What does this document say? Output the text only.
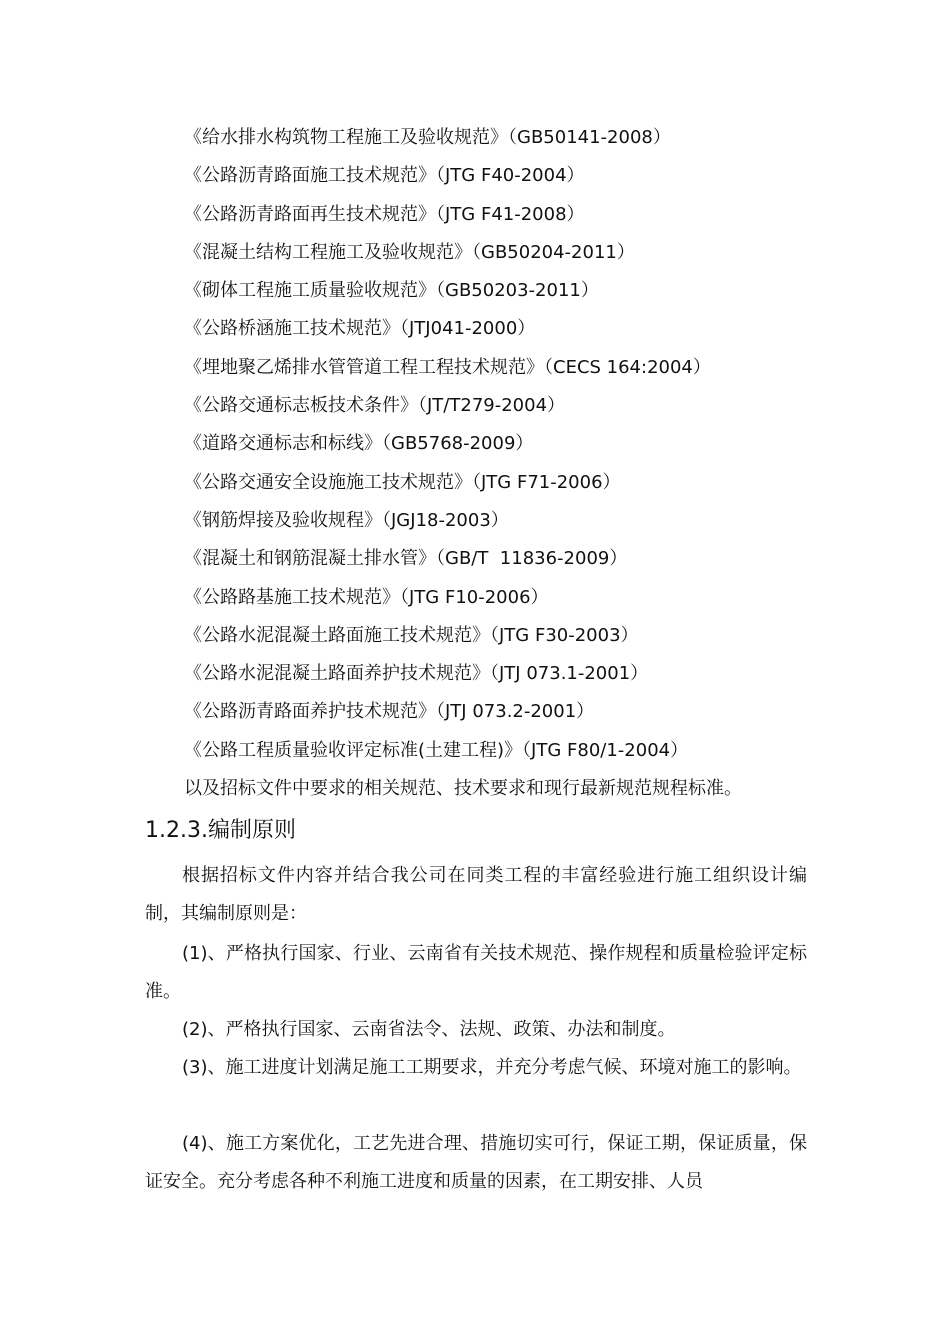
《给水排水构筑物工程施工及验收规范》（GB50141-2008）
《公路沥青路面施工技术规范》（JTG F40-2004）
《公路沥青路面再生技术规范》（JTG F41-2008）
《混凝土结构工程施工及验收规范》（GB50204-2011）
《砌体工程施工质量验收规范》（GB50203-2011）
《公路桥涵施工技术规范》（JTJ041-2000）
《埋地聚乙烯排水管管道工程工程技术规范》（CECS 164:2004）
《公路交通标志板技术条件》（JT/T279-2004）
《道路交通标志和标线》（GB5768-2009）
《公路交通安全设施施工技术规范》（JTG F71-2006）
《钢筋焊接及验收规程》（JGJ18-2003）
《混凝土和钢筋混凝土排水管》（GB/T  11836-2009）
《公路路基施工技术规范》（JTG F10-2006）
《公路水泥混凝土路面施工技术规范》（JTG F30-2003）
《公路水泥混凝土路面养护技术规范》（JTJ 073.1-2001）
《公路沥青路面养护技术规范》（JTJ 073.2-2001）
《公路工程质量验收评定标准(土建工程)》（JTG F80/1-2004）
以及招标文件中要求的相关规范、技术要求和现行最新规范规程标准。
1.2.3.编制原则

根据招标文件内容并结合我公司在同类工程的丰富经验进行施工组织设计编制，其编制原则是：

(1)、严格执行国家、行业、云南省有关技术规范、操作规程和质量检验评定标准。

(2)、严格执行国家、云南省法令、法规、政策、办法和制度。

(3)、施工进度计划满足施工工期要求，并充分考虑气候、环境对施工的影响。

(4)、施工方案优化，工艺先进合理、措施切实可行，保证工期，保证质量，保证安全。充分考虑各种不利施工进度和质量的因素，在工期安排、人员
